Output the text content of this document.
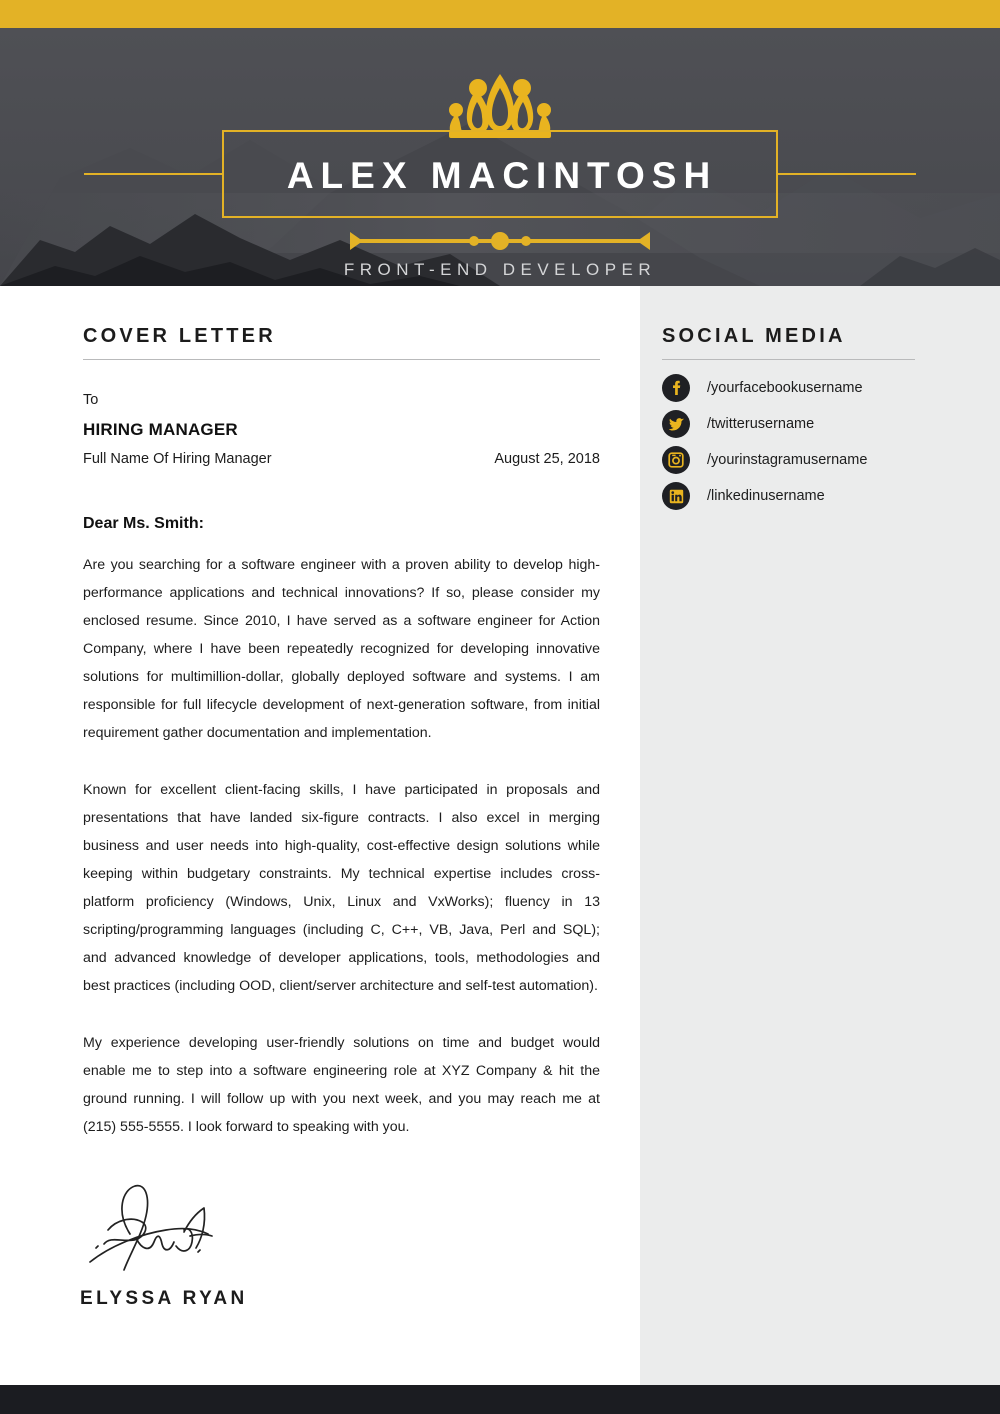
ALEX MACINTOSH
FRONT-END DEVELOPER
COVER LETTER
To
HIRING MANAGER
Full Name Of Hiring Manager	August 25, 2018

Dear Ms. Smith:

Are you searching for a software engineer with a proven ability to develop high-performance applications and technical innovations? If so, please consider my enclosed resume. Since 2010, I have served as a software engineer for Action Company, where I have been repeatedly recognized for developing innovative solutions for multimillion-dollar, globally deployed software and systems. I am responsible for full lifecycle development of next-generation software, from initial requirement gather documentation and implementation.

Known for excellent client-facing skills, I have participated in proposals and presentations that have landed six-figure contracts. I also excel in merging business and user needs into high-quality, cost-effective design solutions while keeping within budgetary constraints. My technical expertise includes cross-platform proficiency (Windows, Unix, Linux and VxWorks); fluency in 13 scripting/programming languages (including C, C++, VB, Java, Perl and SQL); and advanced knowledge of developer applications, tools, methodologies and best practices (including OOD, client/server architecture and self-test automation).

My experience developing user-friendly solutions on time and budget would enable me to step into a software engineering role at XYZ Company & hit the ground running. I will follow up with you next week, and you may reach me at (215) 555-5555. I look forward to speaking with you.

ELYSSA RYAN
SOCIAL MEDIA
/yourfacebookusername
/twitterusername
/yourinstagramusername
/linkedinusername
